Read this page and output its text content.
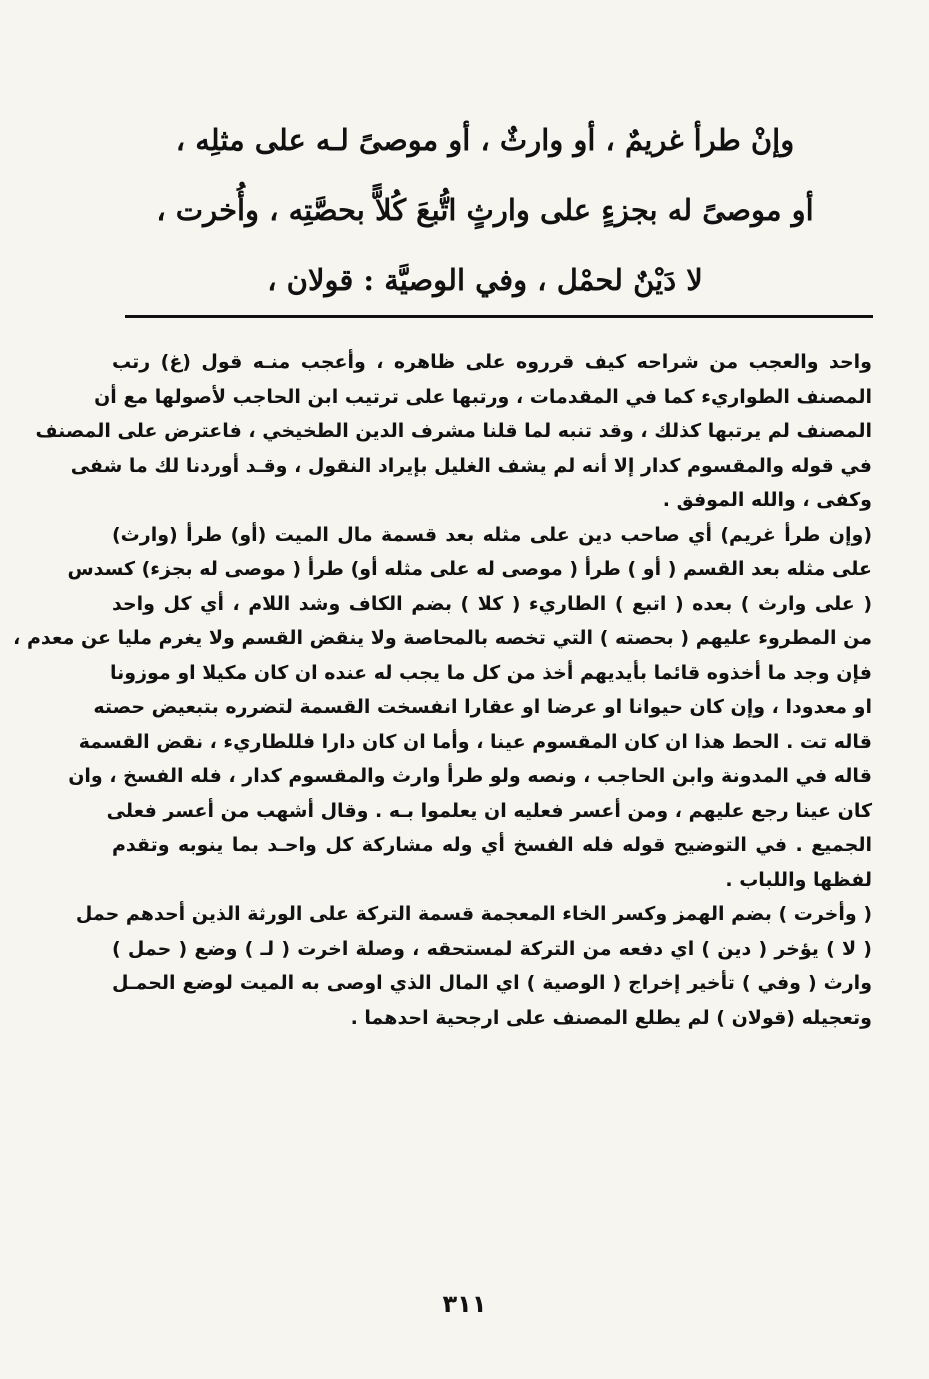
وإنْ طرأ غريمٌ ، أو وارثٌ ، أو موصىً لـه على مثلِه ،
أو موصىً له بجزءٍ على وارثٍ اتُّبعَ كُلاًّ بحصَّتِه ، وأُخرت ،
لا دَيْنٌ لحمْل ، وفي الوصيَّة : قولان ،

واحد والعجب من شراحه كيف قرروه على ظاهره ، وأعجب منـه قول (غ) رتب
المصنف الطواريء كما في المقدمات ، ورتبها على ترتيب ابن الحاجب لأصولها مع أن
المصنف لم يرتبها كذلك ، وقد تنبه لما قلنا مشرف الدين الطخيخي ، فاعترض على المصنف
في قوله والمقسوم كدار إلا أنه لم يشف الغليل بإيراد النقول ، وقـد أوردنا لك ما شفى
وكفى ، والله الموفق .

(وإن طرأ غريم) أي صاحب دين على مثله بعد قسمة مال الميت (أو) طرأ (وارث)
على مثله بعد القسم ( أو ) طرأ ( موصى له على مثله أو) طرأ ( موصى له بجزء) كسدس
( على وارث ) بعده ( اتبع ) الطاريء ( كلا ) بضم الكاف وشد اللام ، أي كل واحد
من المطروء عليهم ( بحصته ) التي تخصه بالمحاصة ولا ينقض القسم ولا يغرم مليا عن معدم ،
فإن وجد ما أخذوه قائما بأيديهم أخذ من كل ما يجب له عنده ان كان مكيلا او موزونا
او معدودا ، وإن كان حيوانا او عرضا او عقارا انفسخت القسمة لتضرره بتبعيض حصته
قاله تت . الحط هذا ان كان المقسوم عينا ، وأما ان كان دارا فللطاريء ، نقض القسمة
قاله في المدونة وابن الحاجب ، ونصه ولو طرأ وارث والمقسوم كدار ، فله الفسخ ، وان
كان عينا رجع عليهم ، ومن أعسر فعليه ان يعلموا بـه . وقال أشهب من أعسر فعلى
الجميع . في التوضيح قوله فله الفسخ أي وله مشاركة كل واحـد بما ينوبه وتقدم
لفظها واللباب .

( وأخرت ) بضم الهمز وكسر الخاء المعجمة قسمة التركة على الورثة الذين أحدهم حمل
( لا ) يؤخر ( دين ) اي دفعه من التركة لمستحقه ، وصلة اخرت ( لـ ) وضع ( حمل )
وارث ( وفي ) تأخير إخراج ( الوصية ) اي المال الذي اوصى به الميت لوضع الحمـل
وتعجيله (قولان ) لم يطلع المصنف على ارجحية احدهما .

٣١١
